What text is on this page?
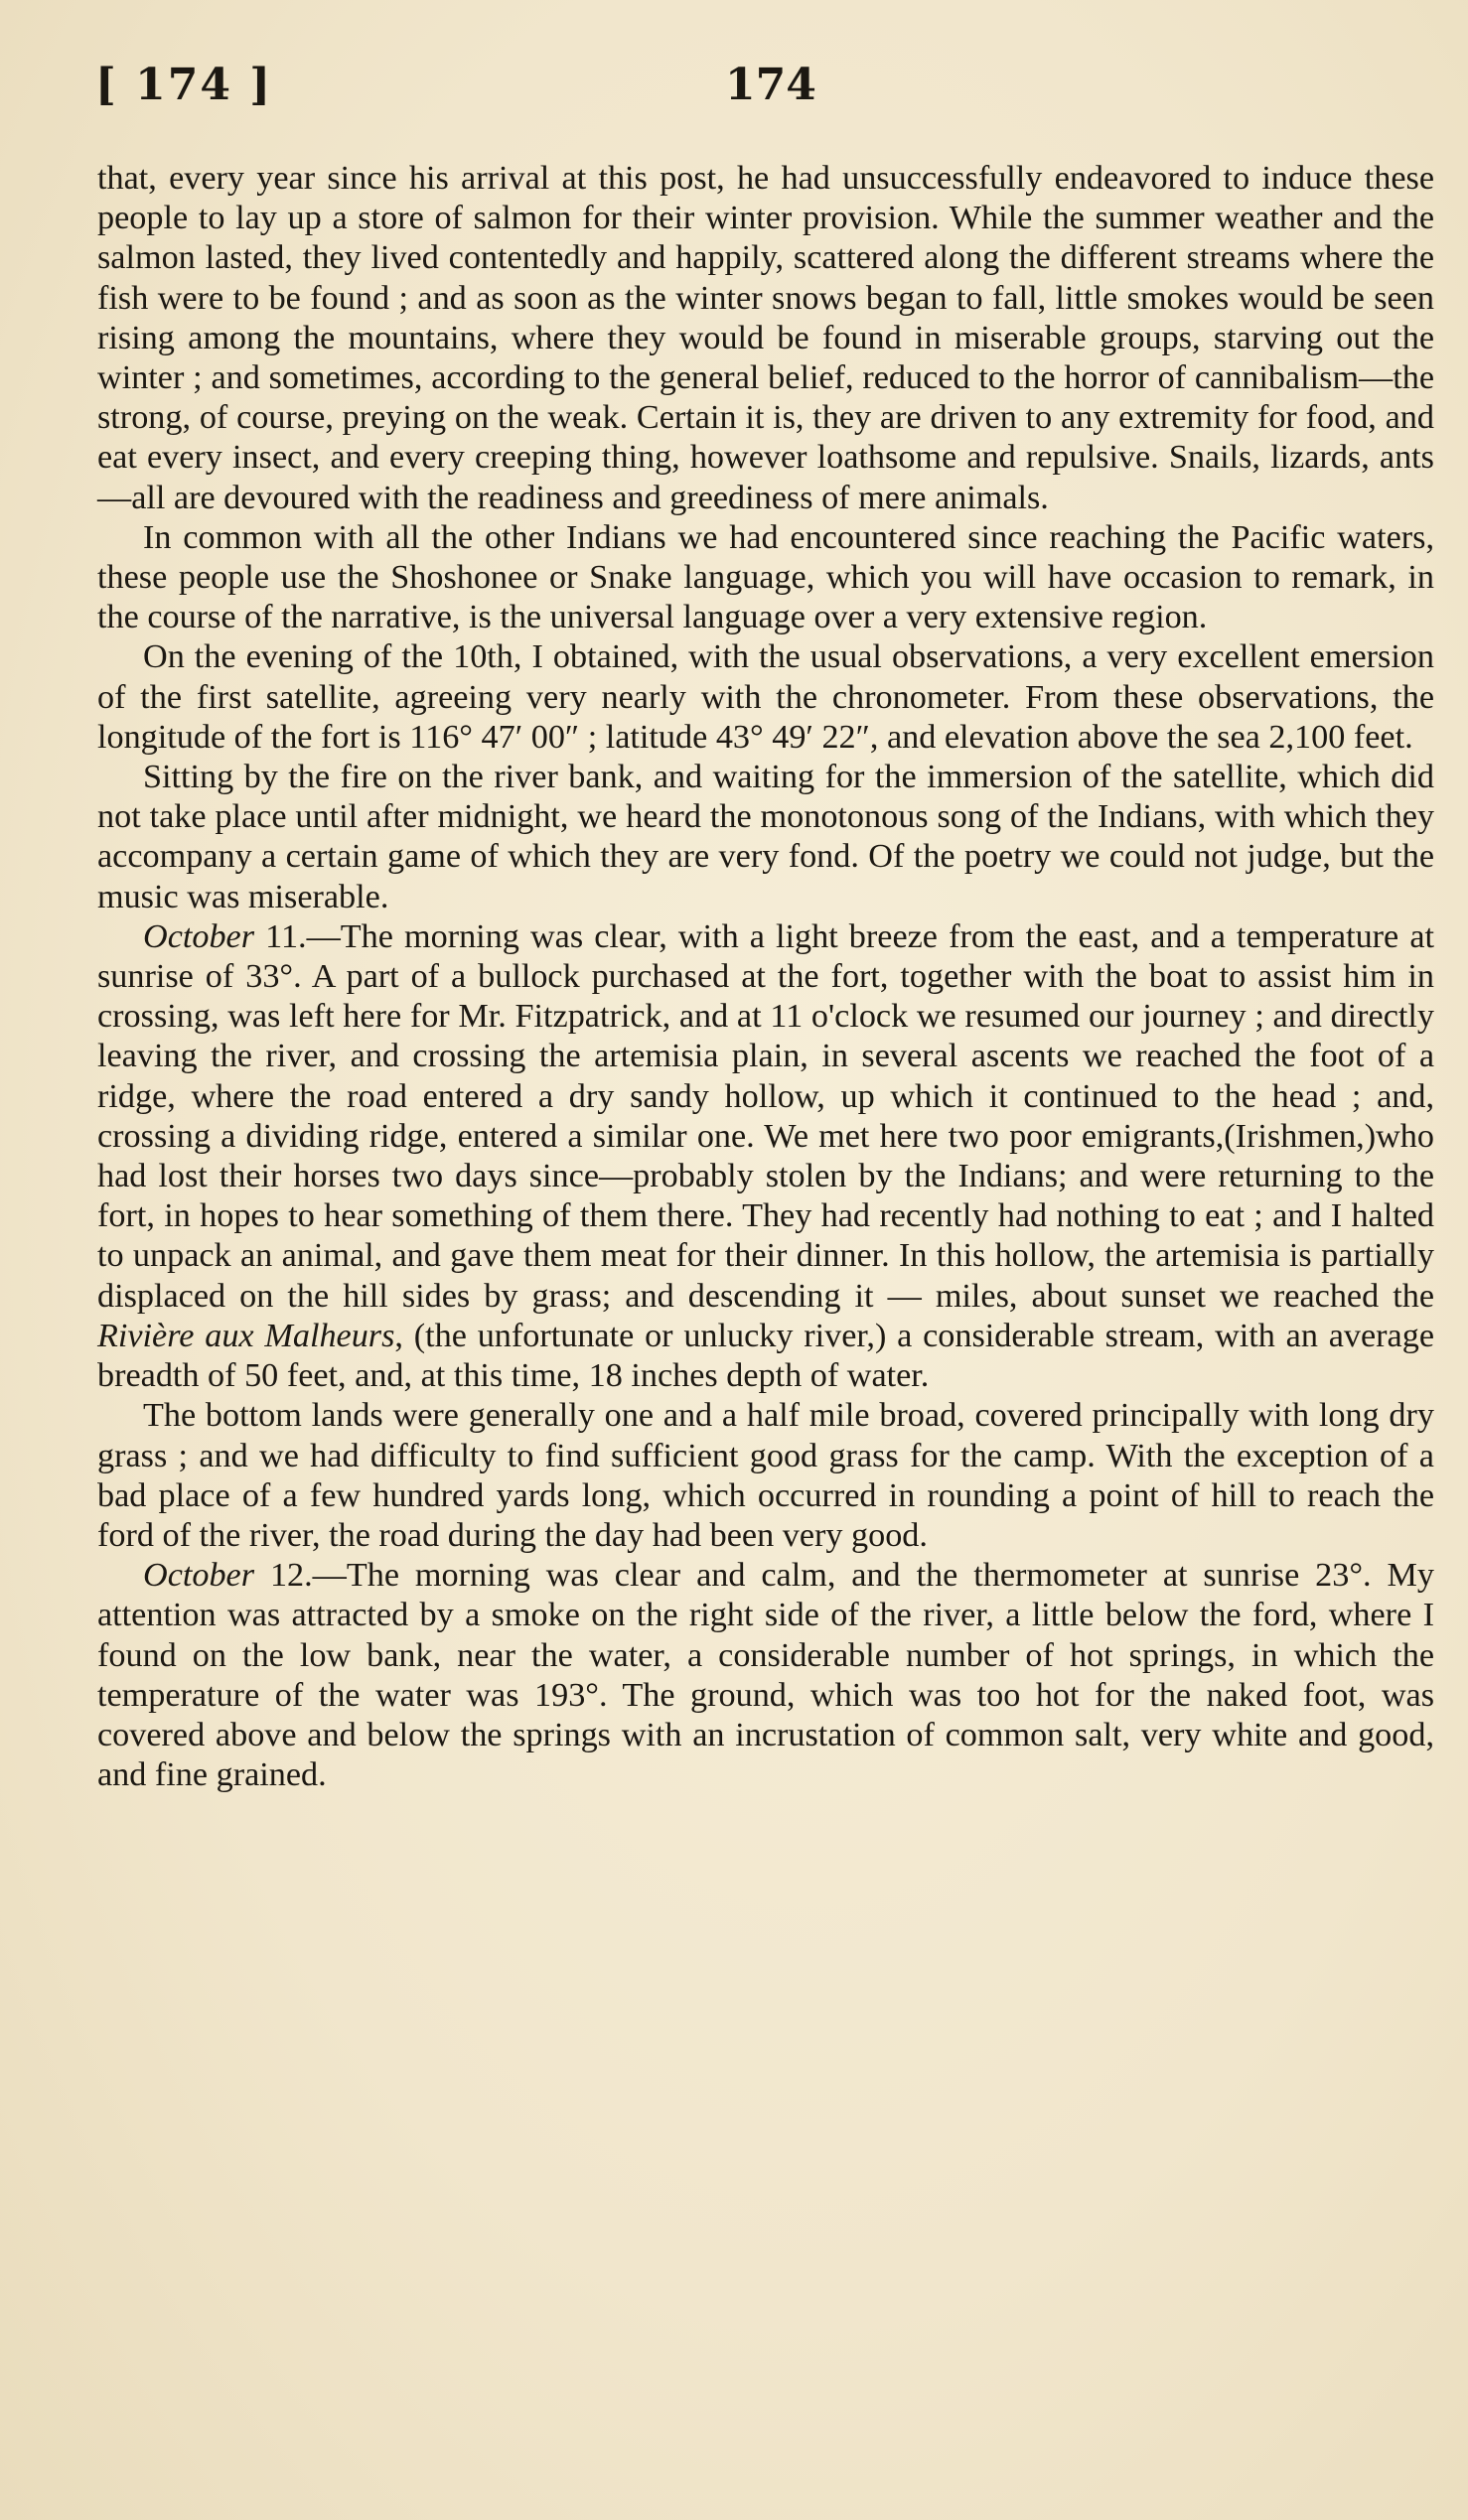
[ 174 ]	174

that, every year since his arrival at this post, he had unsuccessfully endeavored to induce these people to lay up a store of salmon for their winter provision. While the summer weather and the salmon lasted, they lived contentedly and happily, scattered along the different streams where the fish were to be found ; and as soon as the winter snows began to fall, little smokes would be seen rising among the mountains, where they would be found in miserable groups, starving out the winter ; and sometimes, according to the general belief, reduced to the horror of cannibalism—the strong, of course, preying on the weak. Certain it is, they are driven to any extremity for food, and eat every insect, and every creeping thing, however loathsome and repulsive. Snails, lizards, ants—all are devoured with the readiness and greediness of mere animals.

In common with all the other Indians we had encountered since reaching the Pacific waters, these people use the Shoshonee or Snake language, which you will have occasion to remark, in the course of the narrative, is the universal language over a very extensive region.

On the evening of the 10th, I obtained, with the usual observations, a very excellent emersion of the first satellite, agreeing very nearly with the chronometer. From these observations, the longitude of the fort is 116° 47′ 00″ ; latitude 43° 49′ 22″, and elevation above the sea 2,100 feet.

Sitting by the fire on the river bank, and waiting for the immersion of the satellite, which did not take place until after midnight, we heard the monotonous song of the Indians, with which they accompany a certain game of which they are very fond. Of the poetry we could not judge, but the music was miserable.

October 11.—The morning was clear, with a light breeze from the east, and a temperature at sunrise of 33°. A part of a bullock purchased at the fort, together with the boat to assist him in crossing, was left here for Mr. Fitzpatrick, and at 11 o'clock we resumed our journey ; and directly leaving the river, and crossing the artemisia plain, in several ascents we reached the foot of a ridge, where the road entered a dry sandy hollow, up which it continued to the head ; and, crossing a dividing ridge, entered a similar one. We met here two poor emigrants,(Irishmen,)who had lost their horses two days since—probably stolen by the Indians; and were returning to the fort, in hopes to hear something of them there. They had recently had nothing to eat ; and I halted to unpack an animal, and gave them meat for their dinner. In this hollow, the artemisia is partially displaced on the hill sides by grass; and descending it — miles, about sunset we reached the Rivière aux Malheurs, (the unfortunate or unlucky river,) a considerable stream, with an average breadth of 50 feet, and, at this time, 18 inches depth of water.

The bottom lands were generally one and a half mile broad, covered principally with long dry grass ; and we had difficulty to find sufficient good grass for the camp. With the exception of a bad place of a few hundred yards long, which occurred in rounding a point of hill to reach the ford of the river, the road during the day had been very good.

October 12.—The morning was clear and calm, and the thermometer at sunrise 23°. My attention was attracted by a smoke on the right side of the river, a little below the ford, where I found on the low bank, near the water, a considerable number of hot springs, in which the temperature of the water was 193°. The ground, which was too hot for the naked foot, was covered above and below the springs with an incrustation of common salt, very white and good, and fine grained.
